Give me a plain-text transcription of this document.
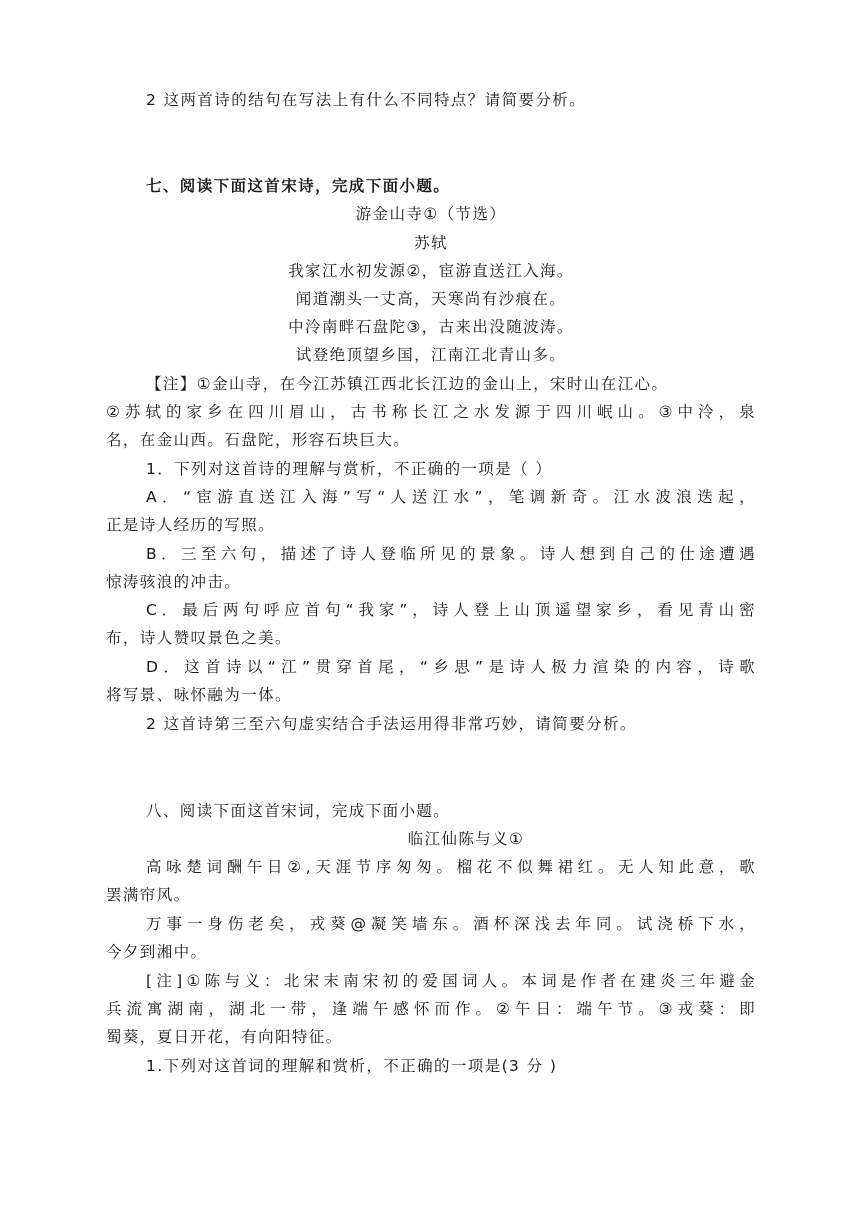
2 这两首诗的结句在写法上有什么不同特点？请简要分析。
七、阅读下面这首宋诗，完成下面小题。
游金山寺①（节选）
苏轼
我家江水初发源②，宦游直送江入海。
闻道潮头一丈高，天寒尚有沙痕在。
中泠南畔石盘陀③，古来出没随波涛。
试登绝顶望乡国，江南江北青山多。
【注】①金山寺，在今江苏镇江西北长江边的金山上，宋时山在江心。
②苏轼的家乡在四川眉山，古书称长江之水发源于四川岷山。③中泠，泉
名，在金山西。石盘陀，形容石块巨大。
1．下列对这首诗的理解与赏析，不正确的一项是（ ）
A．“宦游直送江入海”写“人送江水”，笔调新奇。江水波浪迭起，
正是诗人经历的写照。
B．三至六句，描述了诗人登临所见的景象。诗人想到自己的仕途遭遇
惊涛骇浪的冲击。
C．最后两句呼应首句“我家”，诗人登上山顶遥望家乡，看见青山密
布，诗人赞叹景色之美。
D．这首诗以“江”贯穿首尾，“乡思”是诗人极力渲染的内容，诗歌
将写景、咏怀融为一体。
2 这首诗第三至六句虚实结合手法运用得非常巧妙，请简要分析。
八、阅读下面这首宋词，完成下面小题。
临江仙陈与义①
高咏楚词酬午日②,天涯节序匆匆。榴花不似舞裙红。无人知此意，歌
罢满帘风。
万事一身伤老矣，戎葵@凝笑墙东。酒杯深浅去年同。试浇桥下水，
今夕到湘中。
[注]①陈与义：北宋末南宋初的爱国词人。本词是作者在建炎三年避金
兵流寓湖南，湖北一带，逢端午感怀而作。②午日：端午节。③戎葵：即
蜀葵，夏日开花，有向阳特征。
1.下列对这首词的理解和赏析，不正确的一项是(3 分 )
